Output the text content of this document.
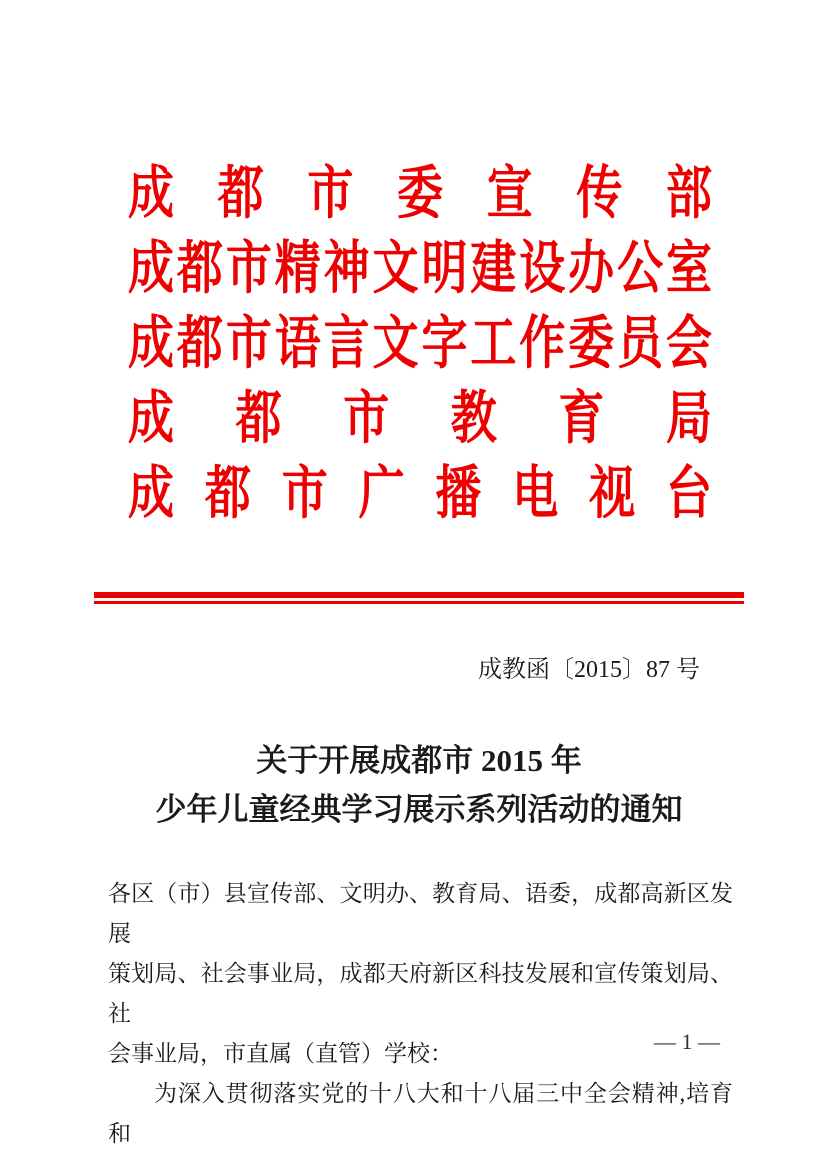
成都市委宣传部
成都市精神文明建设办公室
成都市语言文字工作委员会
成都市教育局
成都市广播电视台
成教函〔2015〕87 号
关于开展成都市 2015 年
少年儿童经典学习展示系列活动的通知
各区（市）县宣传部、文明办、教育局、语委，成都高新区发展
策划局、社会事业局，成都天府新区科技发展和宣传策划局、社
会事业局，市直属（直管）学校：
为深入贯彻落实党的十八大和十八届三中全会精神,培育和
— 1 —
